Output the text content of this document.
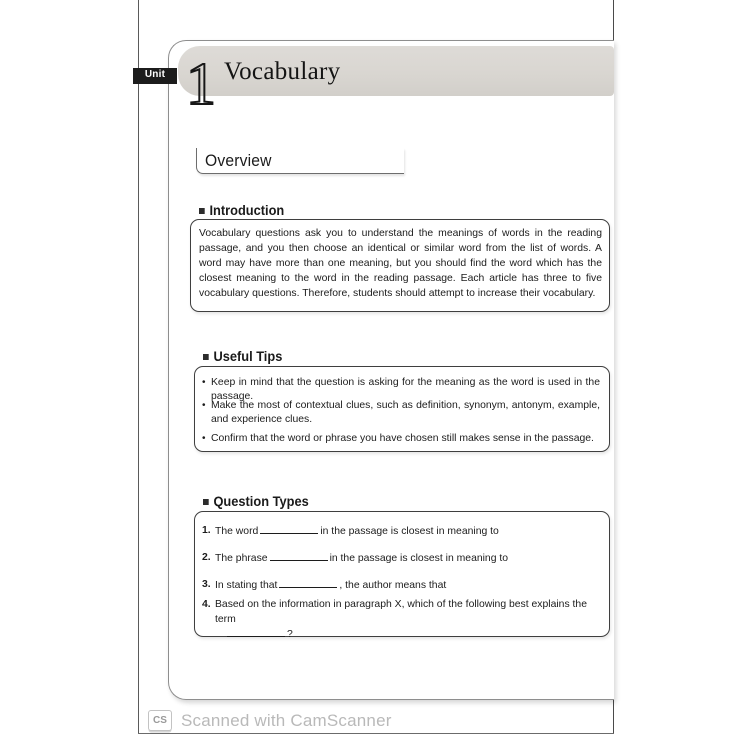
Unit 1 Vocabulary
Overview
Introduction
Vocabulary questions ask you to understand the meanings of words in the reading passage, and you then choose an identical or similar word from the list of words. A word may have more than one meaning, but you should find the word which has the closest meaning to the word in the reading passage. Each article has three to five vocabulary questions. Therefore, students should attempt to increase their vocabulary.
Useful Tips
• Keep in mind that the question is asking for the meaning as the word is used in the passage.
• Make the most of contextual clues, such as definition, synonym, antonym, example, and experience clues.
• Confirm that the word or phrase you have chosen still makes sense in the passage.
Question Types
1. The word	in the passage is closest in meaning to
2. The phrase	in the passage is closest in meaning to
3. In stating that	, the author means that
4. Based on the information in paragraph X, which of the following best explains the term
?
CS Scanned with CamScanner
